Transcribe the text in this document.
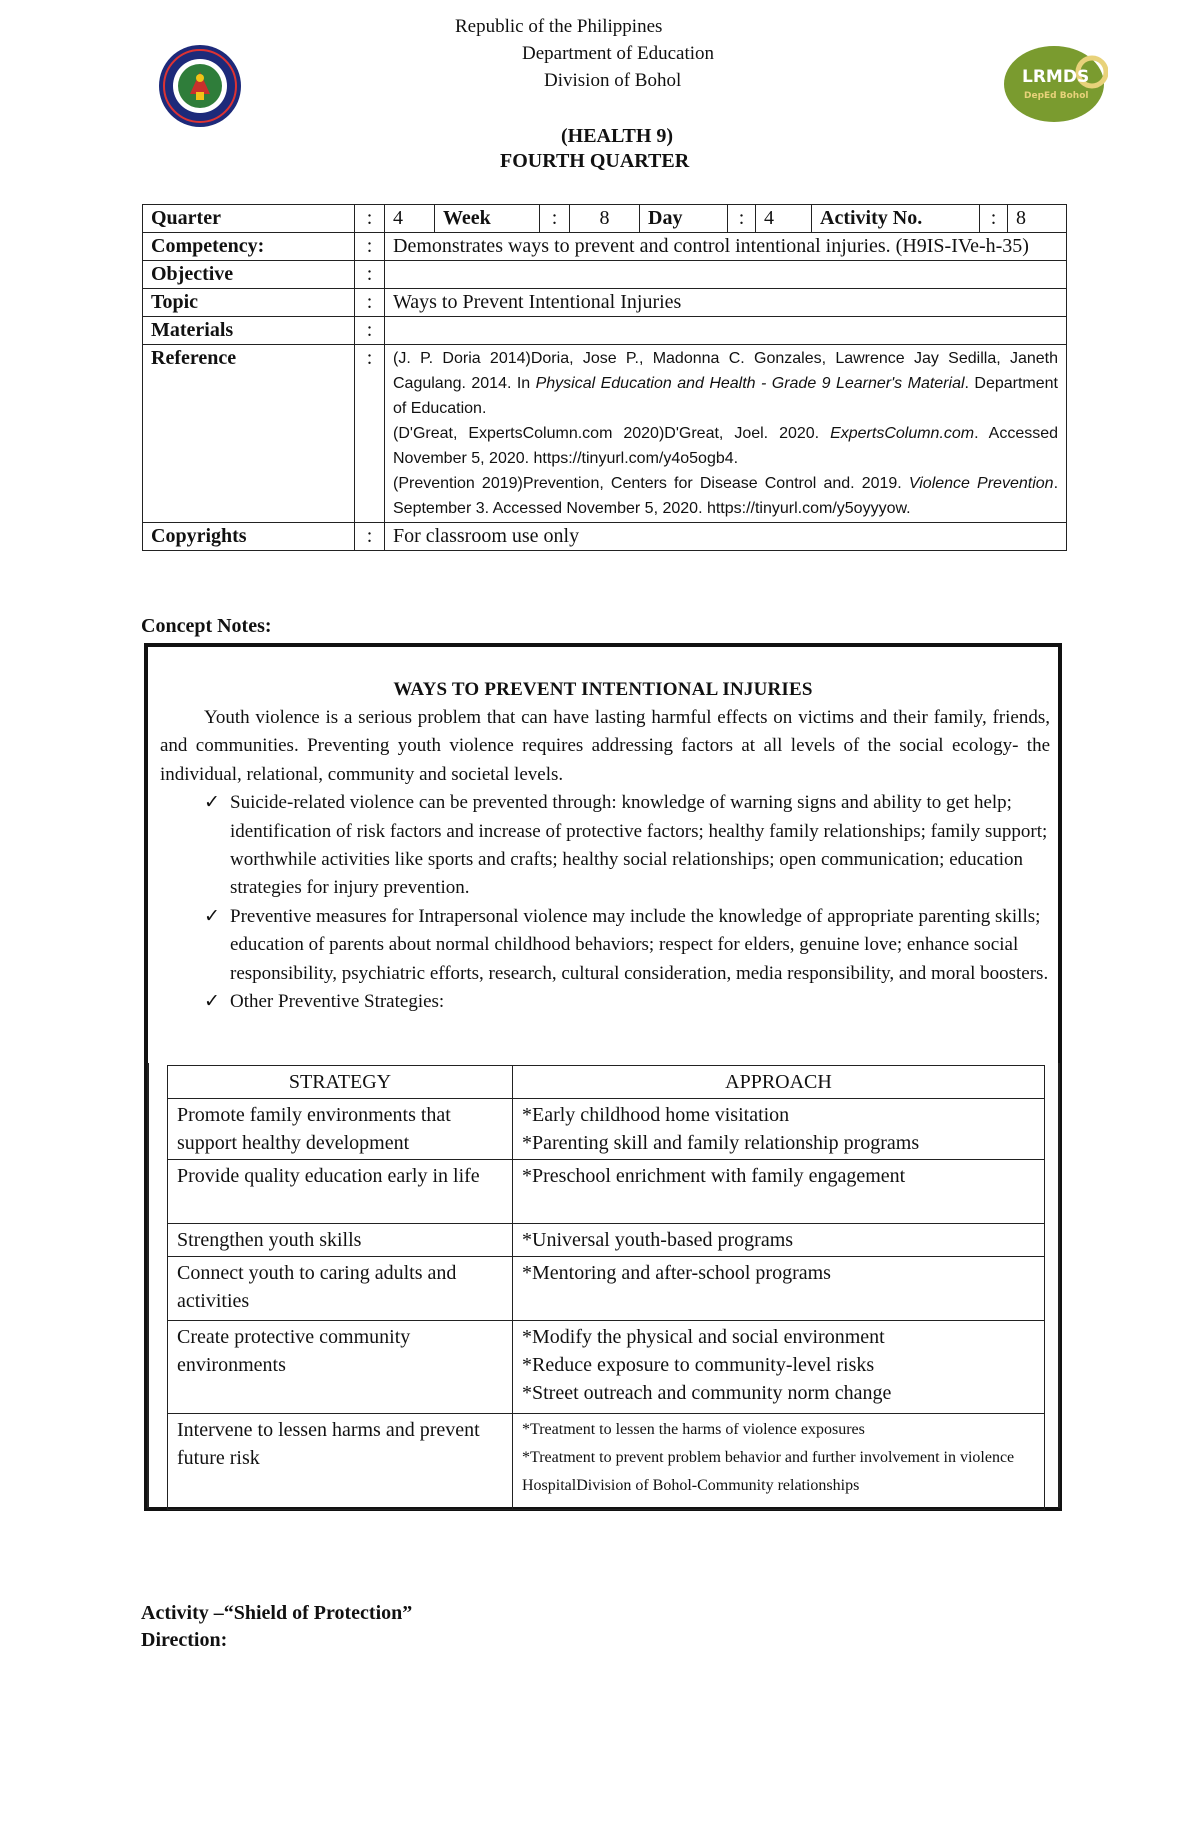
Republic of the Philippines
Department of Education
Division of Bohol	LRMDS
DepEd Bohol
(HEALTH 9)
FOURTH QUARTER
Quarter	:	4	Week	:	8	Day	:	4	Activity No.	:	8
Competency:	:	Demonstrates ways to prevent and control intentional injuries. (H9IS-IVe-h-35)									
Objective	:										
Topic	:	Ways to Prevent Intentional Injuries									
Materials	:										
Reference	:	(J. P. Doria 2014)Doria, Jose P., Madonna C. Gonzales, Lawrence Jay Sedilla, Janeth Cagulang. 2014. In Physical Education and Health - Grade 9 Learner's Material. Department of Education.

(D'Great, ExpertsColumn.com 2020)D'Great, Joel. 2020. ExpertsColumn.com. Accessed November 5, 2020. https://tinyurl.com/y4o5ogb4.

(Prevention 2019)Prevention, Centers for Disease Control and. 2019. Violence Prevention. September 3. Accessed November 5, 2020. https://tinyurl.com/y5oyyyow.									

Copyrights	:	For classroom use only									
Concept Notes:
WAYS TO PREVENT INTENTIONAL INJURIES

Youth violence is a serious problem that can have lasting harmful effects on victims and their family, friends, and communities. Preventing youth violence requires addressing factors at all levels of the social ecology- the individual, relational, community and societal levels.

✓ Suicide-related violence can be prevented through: knowledge of warning signs and ability to get help; identification of risk factors and increase of protective factors; healthy family relationships; family support; worthwhile activities like sports and crafts; healthy social relationships; open communication; education strategies for injury prevention.
✓ Preventive measures for Intrapersonal violence may include the knowledge of appropriate parenting skills; education of parents about normal childhood behaviors; respect for elders, genuine love; enhance social responsibility, psychiatric efforts, research, cultural consideration, media responsibility, and moral boosters.
✓ Other Preventive Strategies:
STRATEGY	APPROACH
Promote family environments that support healthy development	*Early childhood home visitation
*Parenting skill and family relationship programs

Provide quality education early in life	*Preschool enrichment with family engagement

Strengthen youth skills	*Universal youth-based programs

Connect youth to caring adults and activities	*Mentoring and after-school programs

Create protective community environments	*Modify the physical and social environment
*Reduce exposure to community-level risks
*Street outreach and community norm change

Intervene to lessen harms and prevent future risk	*Treatment to lessen the harms of violence exposures
*Treatment to prevent problem behavior and further involvement in violence
HospitalDivision of Bohol-Community relationships
Activity –“Shield of Protection”
Direction:
